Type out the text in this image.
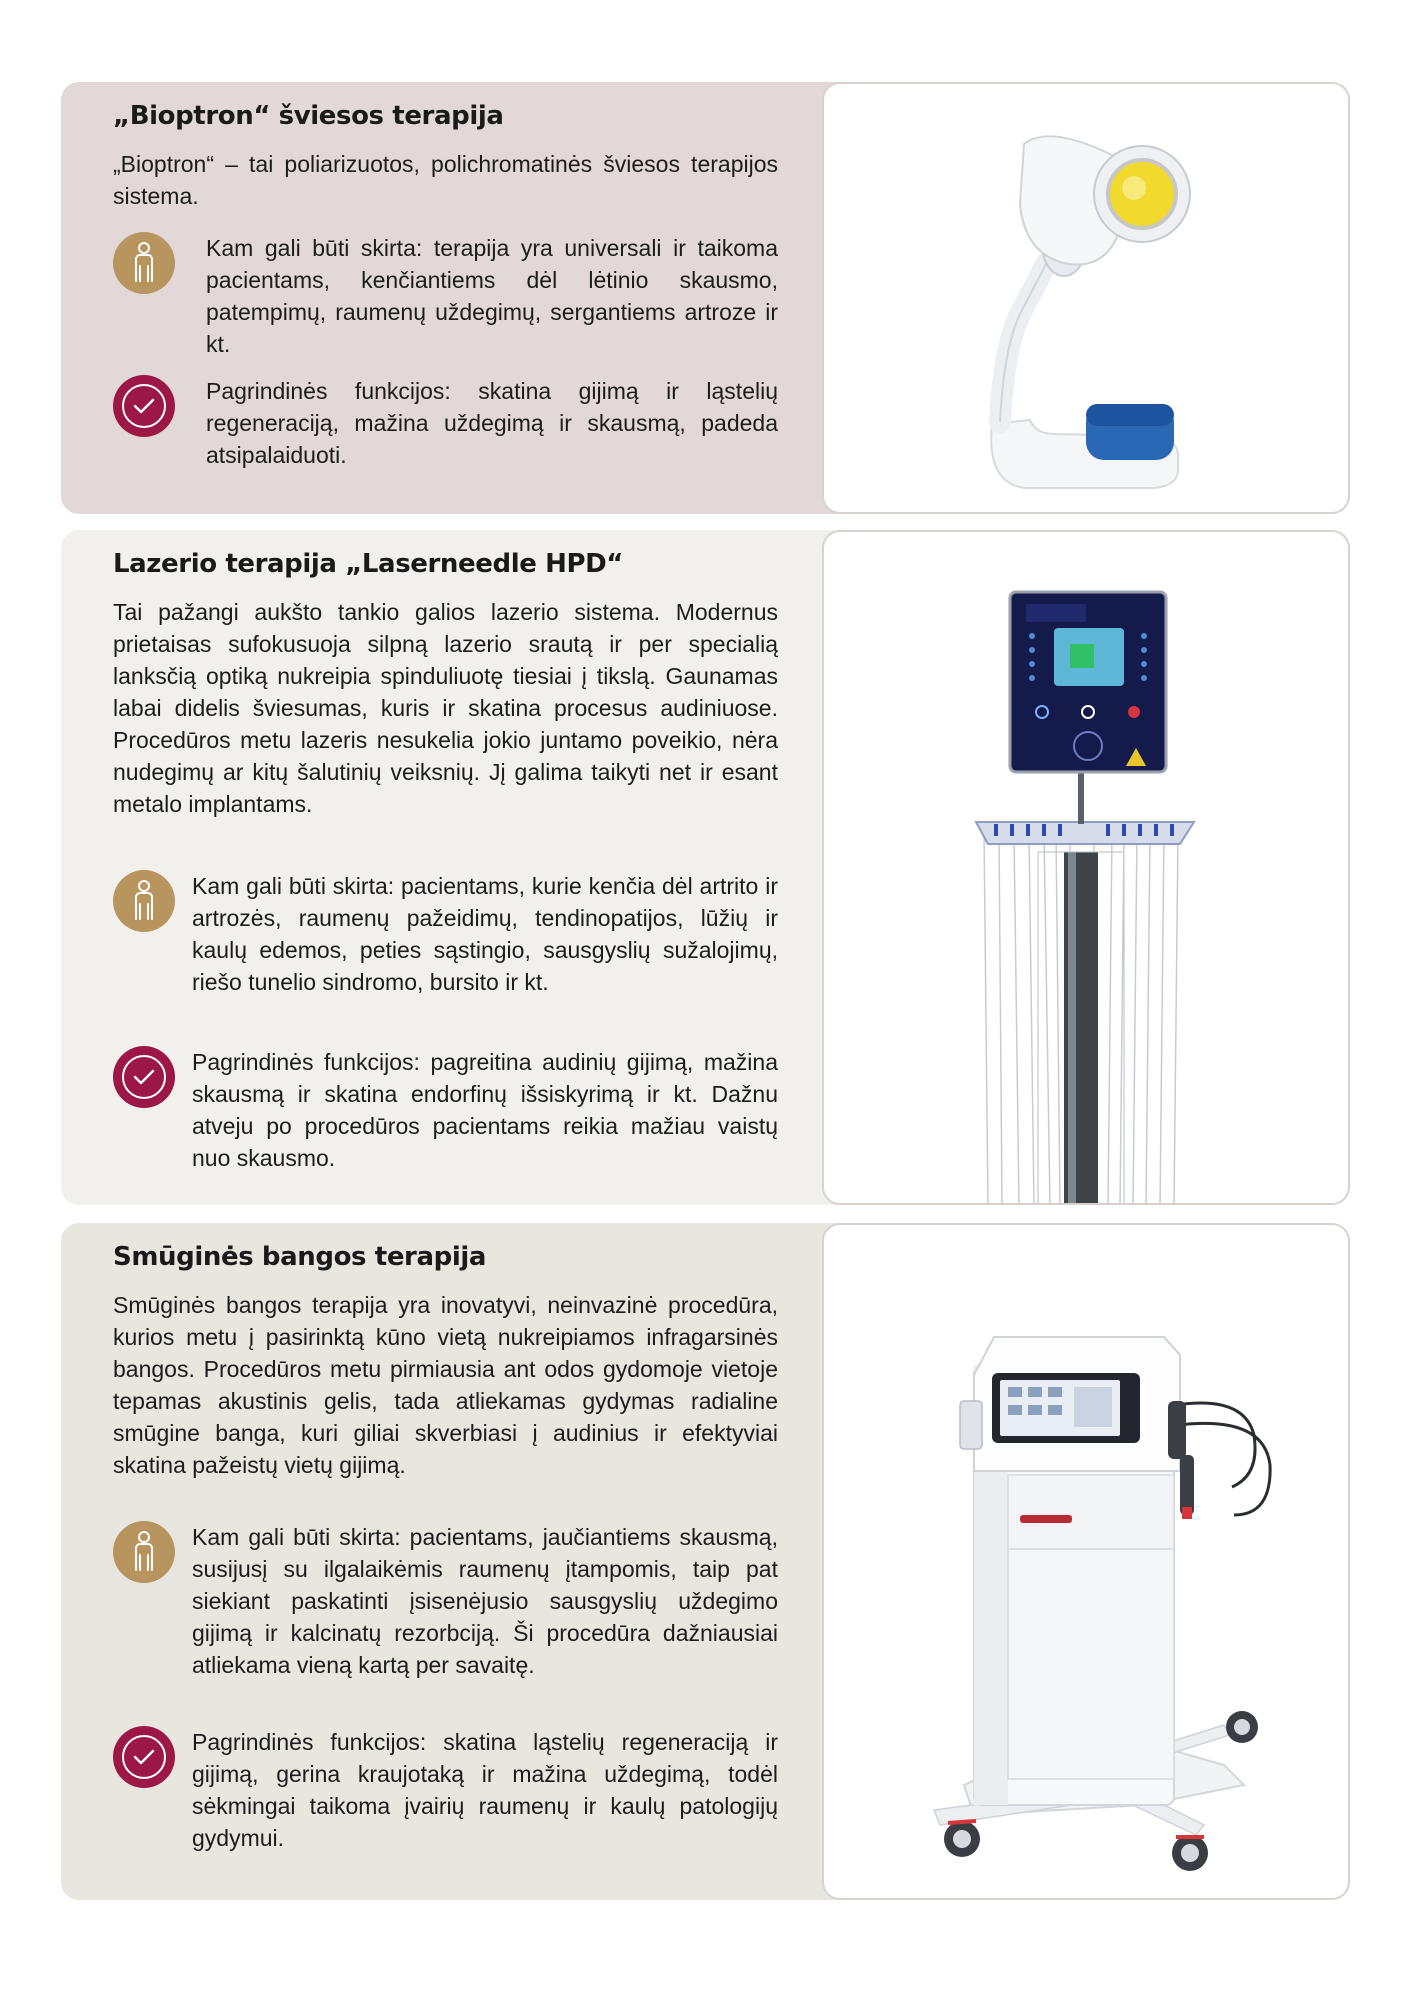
„Bioptron“ šviesos terapija

„Bioptron“ – tai poliarizuotos, polichromatinės šviesos terapijos sistema.

Kam gali būti skirta: terapija yra universali ir taikoma pacientams, kenčiantiems dėl lėtinio skausmo, patempimų, raumenų uždegimų, sergantiems artroze ir kt.

Pagrindinės funkcijos: skatina gijimą ir ląstelių regeneraciją, mažina uždegimą ir skausmą, padeda atsipalaiduoti.

Lazerio terapija „Laserneedle HPD“

Tai pažangi aukšto tankio galios lazerio sistema. Modernus prietaisas sufokusuoja silpną lazerio srautą ir per specialią lanksčią optiką nukreipia spinduliuotę tiesiai į tikslą. Gaunamas labai didelis šviesumas, kuris ir skatina procesus audiniuose. Procedūros metu lazeris nesukelia jokio juntamo poveikio, nėra nudegimų ar kitų šalutinių veiksnių. Jį galima taikyti net ir esant metalo implantams.

Kam gali būti skirta: pacientams, kurie kenčia dėl artrito ir artrozės, raumenų pažeidimų, tendinopatijos, lūžių ir kaulų edemos, peties sąstingio, sausgyslių sužalojimų, riešo tunelio sindromo, bursito ir kt.

Pagrindinės funkcijos: pagreitina audinių gijimą, mažina skausmą ir skatina endorfinų išsiskyrimą ir kt. Dažnu atveju po procedūros pacientams reikia mažiau vaistų nuo skausmo.

Smūginės bangos terapija

Smūginės bangos terapija yra inovatyvi, neinvazinė procedūra, kurios metu į pasirinktą kūno vietą nukreipiamos infragarsinės bangos. Procedūros metu pirmiausia ant odos gydomoje vietoje tepamas akustinis gelis, tada atliekamas gydymas radialine smūgine banga, kuri giliai skverbiasi į audinius ir efektyviai skatina pažeistų vietų gijimą.

Kam gali būti skirta: pacientams, jaučiantiems skausmą, susijusį su ilgalaikėmis raumenų įtampomis, taip pat siekiant paskatinti įsisenėjusio sausgyslių uždegimo gijimą ir kalcinatų rezorbciją. Ši procedūra dažniausiai atliekama vieną kartą per savaitę.

Pagrindinės funkcijos: skatina ląstelių regeneraciją ir gijimą, gerina kraujotaką ir mažina uždegimą, todėl sėkmingai taikoma įvairių raumenų ir kaulų patologijų gydymui.
